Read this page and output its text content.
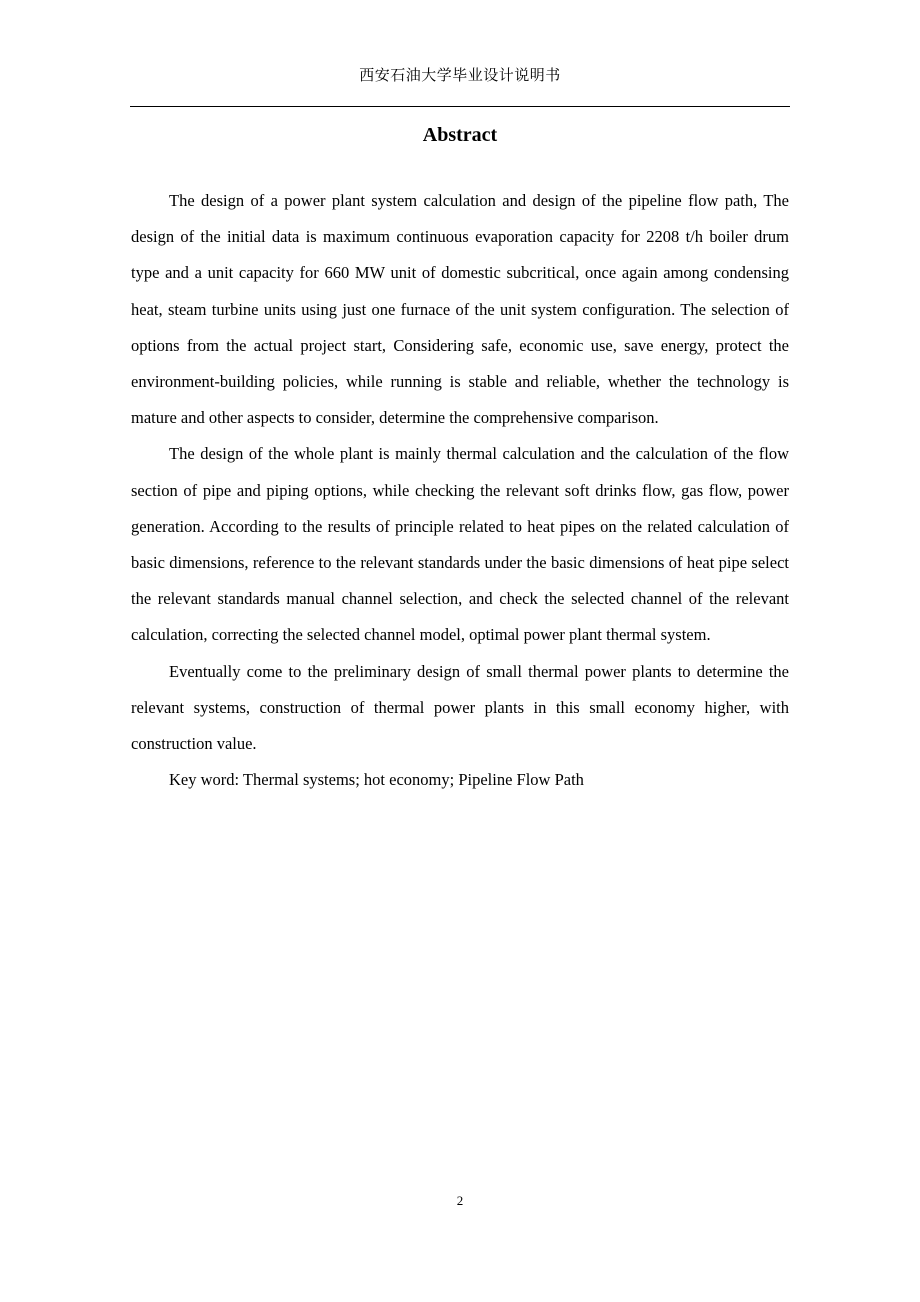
西安石油大学毕业设计说明书
Abstract

The design of a power plant system calculation and design of the pipeline flow path, The design of the initial data is maximum continuous evaporation capacity for 2208 t/h boiler drum type and a unit capacity for 660 MW unit of domestic subcritical, once again among condensing heat, steam turbine units using just one furnace of the unit system configuration. The selection of options from the actual project start, Considering safe, economic use, save energy, protect the environment-building policies, while running is stable and reliable, whether the technology is mature and other aspects to consider, determine the comprehensive comparison.

The design of the whole plant is mainly thermal calculation and the calculation of the flow section of pipe and piping options, while checking the relevant soft drinks flow, gas flow, power generation. According to the results of principle related to heat pipes on the related calculation of basic dimensions, reference to the relevant standards under the basic dimensions of heat pipe select the relevant standards manual channel selection, and check the selected channel of the relevant calculation, correcting the selected channel model, optimal power plant thermal system.

Eventually come to the preliminary design of small thermal power plants to determine the relevant systems, construction of thermal power plants in this small economy higher, with construction value.

Key word: Thermal systems; hot economy; Pipeline Flow Path

2
